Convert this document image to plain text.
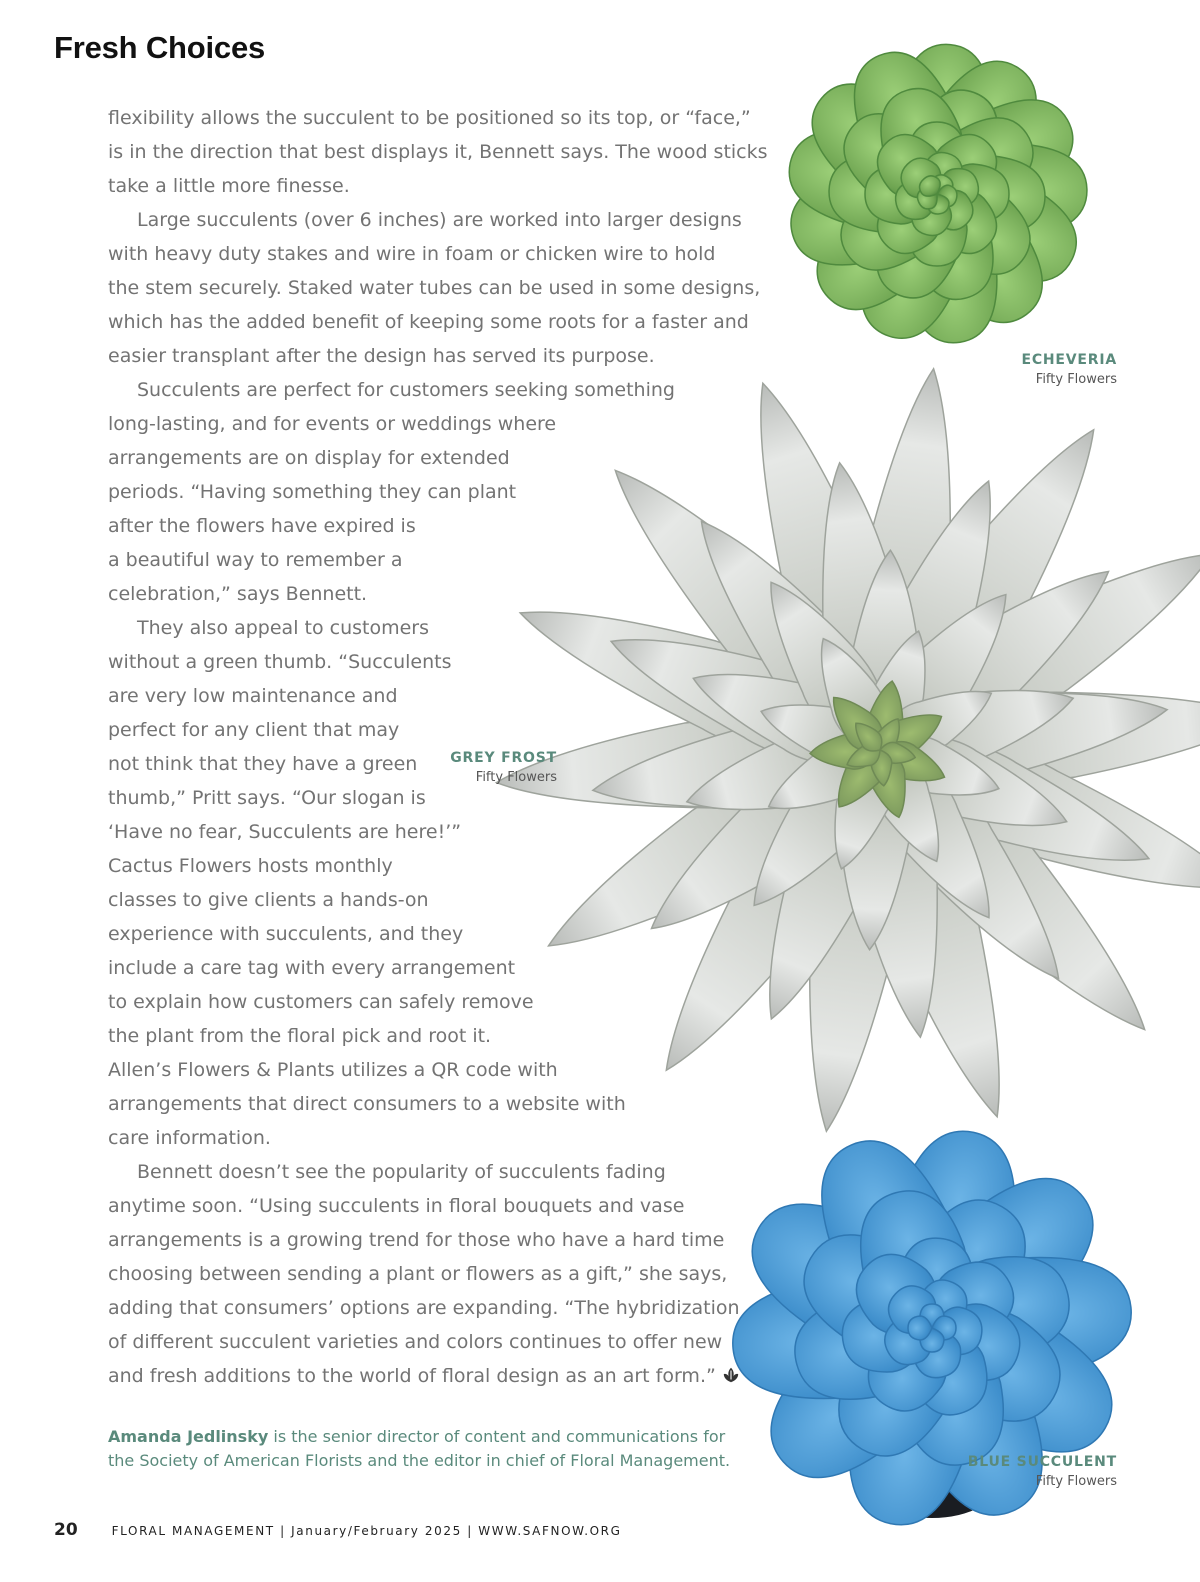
Fresh Choices
flexibility allows the succulent to be positioned so its top, or “face,”
is in the direction that best displays it, Bennett says. The wood sticks
take a little more finesse.
Large succulents (over 6 inches) are worked into larger designs
with heavy duty stakes and wire in foam or chicken wire to hold
the stem securely. Staked water tubes can be used in some designs,
which has the added benefit of keeping some roots for a faster and
easier transplant after the design has served its purpose.
Succulents are perfect for customers seeking something
long-lasting, and for events or weddings where
arrangements are on display for extended
periods. “Having something they can plant
after the flowers have expired is
a beautiful way to remember a
celebration,” says Bennett.
They also appeal to customers
without a green thumb. “Succulents
are very low maintenance and
perfect for any client that may
not think that they have a green
thumb,” Pritt says. “Our slogan is
‘Have no fear, Succulents are here!’”
Cactus Flowers hosts monthly
classes to give clients a hands-on
experience with succulents, and they
include a care tag with every arrangement
to explain how customers can safely remove
the plant from the floral pick and root it.
Allen’s Flowers & Plants utilizes a QR code with
arrangements that direct consumers to a website with
care information.
Bennett doesn’t see the popularity of succulents fading
anytime soon. “Using succulents in floral bouquets and vase
arrangements is a growing trend for those who have a hard time
choosing between sending a plant or flowers as a gift,” she says,
adding that consumers’ options are expanding. “The hybridization
of different succulent varieties and colors continues to offer new
and fresh additions to the world of floral design as an art form.”
Amanda Jedlinsky is the senior director of content and communications for
the Society of American Florists and the editor in chief of Floral Management.
ECHEVERIA
Fifty Flowers
GREY FROST
Fifty Flowers
BLUE SUCCULENT
Fifty Flowers
20	FLORAL MANAGEMENT | January/February 2025 | WWW.SAFNOW.ORG
